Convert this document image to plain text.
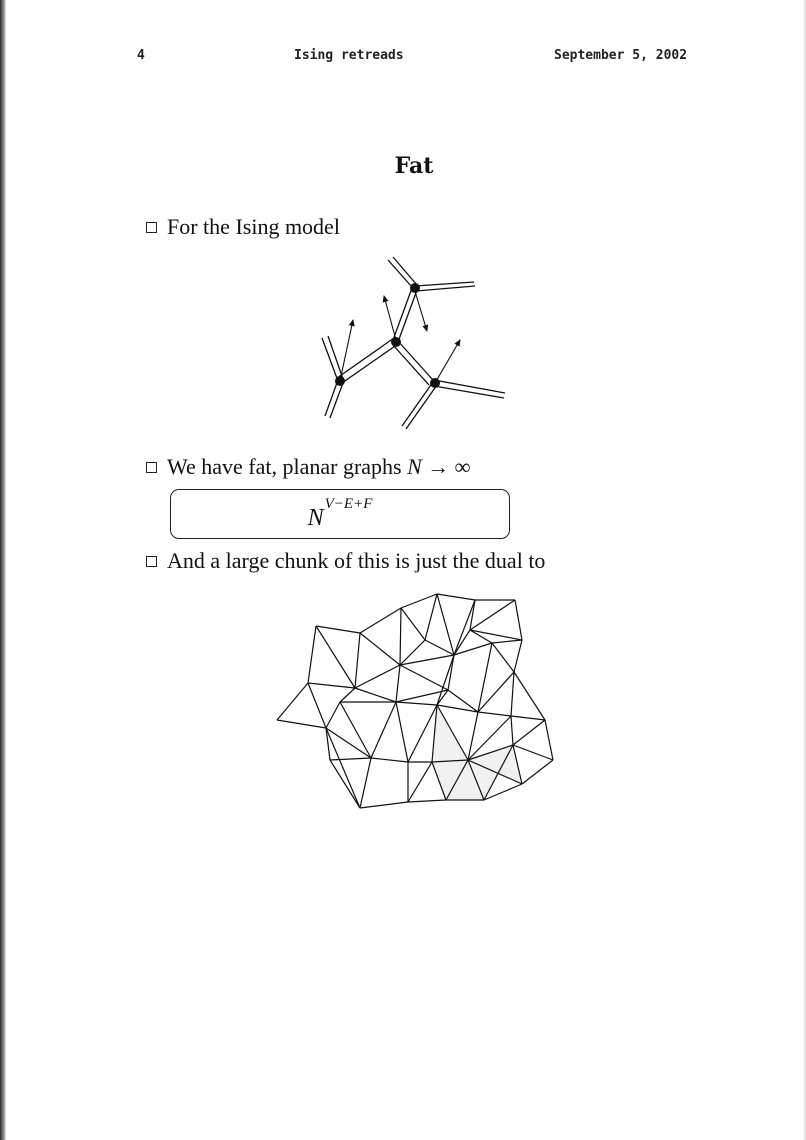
4	Ising retreads	September 5, 2002
Fat
For the Ising model
We have fat, planar graphs N → ∞
N
V−E+F
And a large chunk of this is just the dual to
